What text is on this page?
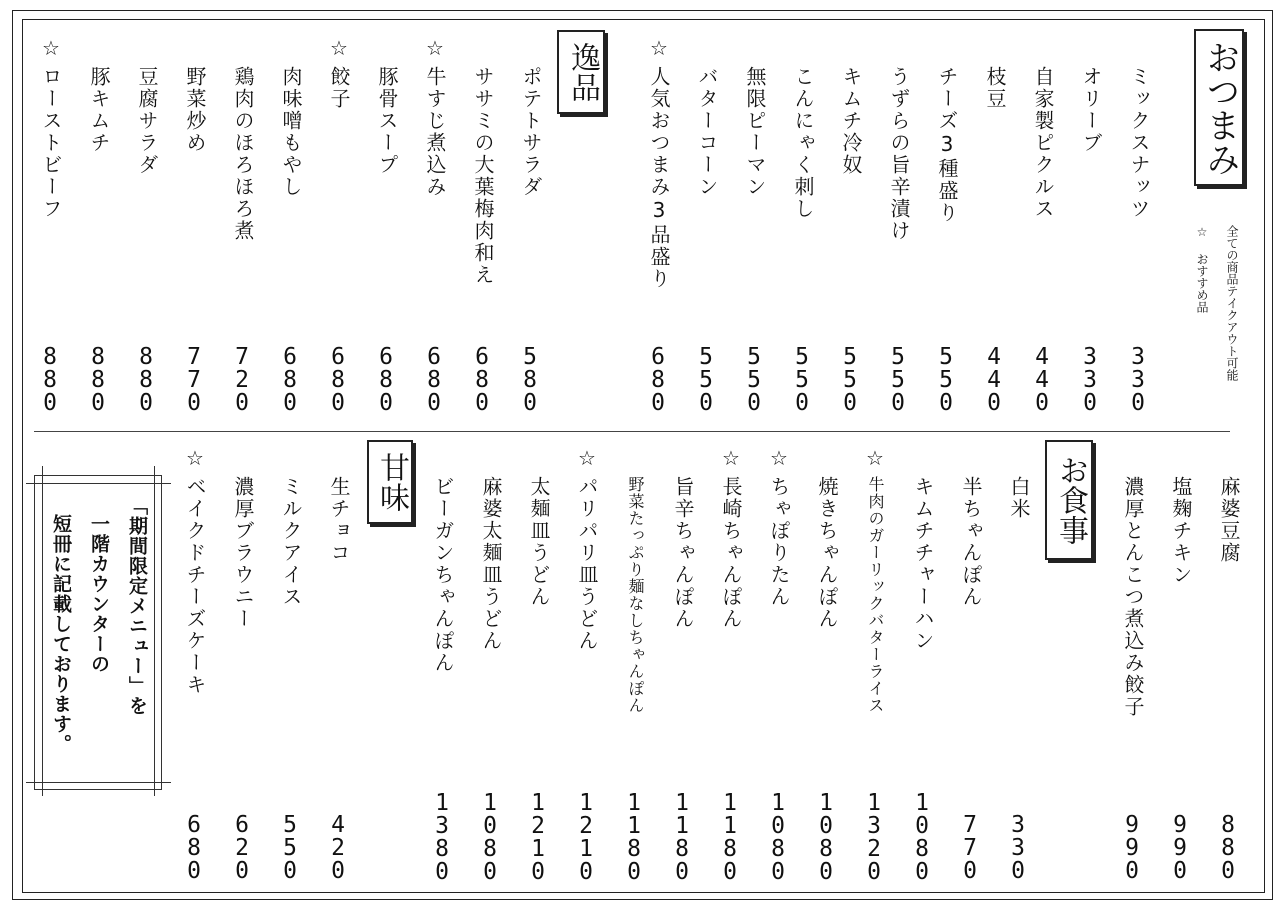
おつまみ
全ての商品テイクアウト可能
☆ おすすめ品
ミックスナッツ
330
オリーブ
330
自家製ピクルス
440
枝豆
440
チーズ3種盛り
550
うずらの旨辛漬け
550
キムチ冷奴
550
こんにゃく刺し
550
無限ピーマン
550
バターコーン
550
☆
人気おつまみ3品盛り
680
逸品
ポテトサラダ
580
ササミの大葉梅肉和え
680
☆
牛すじ煮込み
680
豚骨スープ
680
☆
餃子
680
肉味噌もやし
680
鶏肉のほろほろ煮
720
野菜炒め
770
豆腐サラダ
880
豚キムチ
880
☆
ローストビーフ
880
麻婆豆腐
880
塩麹チキン
990
濃厚とんこつ煮込み餃子
990
お食事
白米
330
半ちゃんぽん
770
キムチチャーハン
1080
☆
牛肉のガーリックバターライス
1320
焼きちゃんぽん
1080
☆
ちゃぽりたん
1080
☆
長崎ちゃんぽん
1180
旨辛ちゃんぽん
1180
野菜たっぷり麺なしちゃんぽん
1180
☆
パリパリ皿うどん
1210
太麺皿うどん
1210
麻婆太麺皿うどん
1080
ビーガンちゃんぽん
1380
甘味
生チョコ
420
ミルクアイス
550
濃厚ブラウニー
620
☆
ベイクドチーズケーキ
680
「期間限定メニュー」を
一階カウンターの
短冊に記載しております。
